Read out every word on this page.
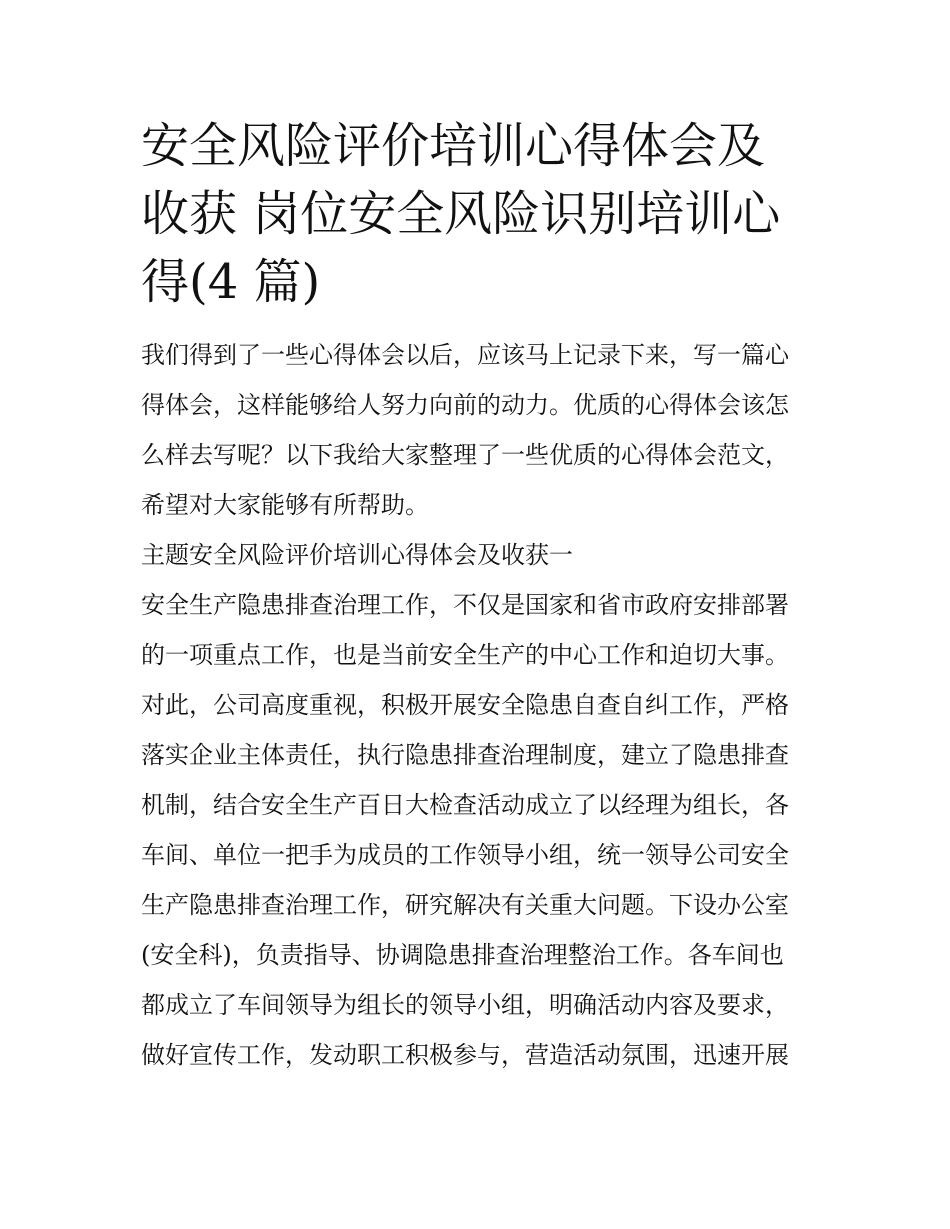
安全风险评价培训心得体会及
收获 岗位安全风险识别培训心
得(4 篇)
我们得到了一些心得体会以后，应该马上记录下来，写一篇心
得体会，这样能够给人努力向前的动力。优质的心得体会该怎
么样去写呢？以下我给大家整理了一些优质的心得体会范文，
希望对大家能够有所帮助。
主题安全风险评价培训心得体会及收获一
安全生产隐患排查治理工作，不仅是国家和省市政府安排部署
的一项重点工作，也是当前安全生产的中心工作和迫切大事。
对此，公司高度重视，积极开展安全隐患自查自纠工作，严格
落实企业主体责任，执行隐患排查治理制度，建立了隐患排查
机制，结合安全生产百日大检查活动成立了以经理为组长，各
车间、单位一把手为成员的工作领导小组，统一领导公司安全
生产隐患排查治理工作，研究解决有关重大问题。下设办公室
(安全科)，负责指导、协调隐患排查治理整治工作。各车间也
都成立了车间领导为组长的领导小组，明确活动内容及要求，
做好宣传工作，发动职工积极参与，营造活动氛围，迅速开展
